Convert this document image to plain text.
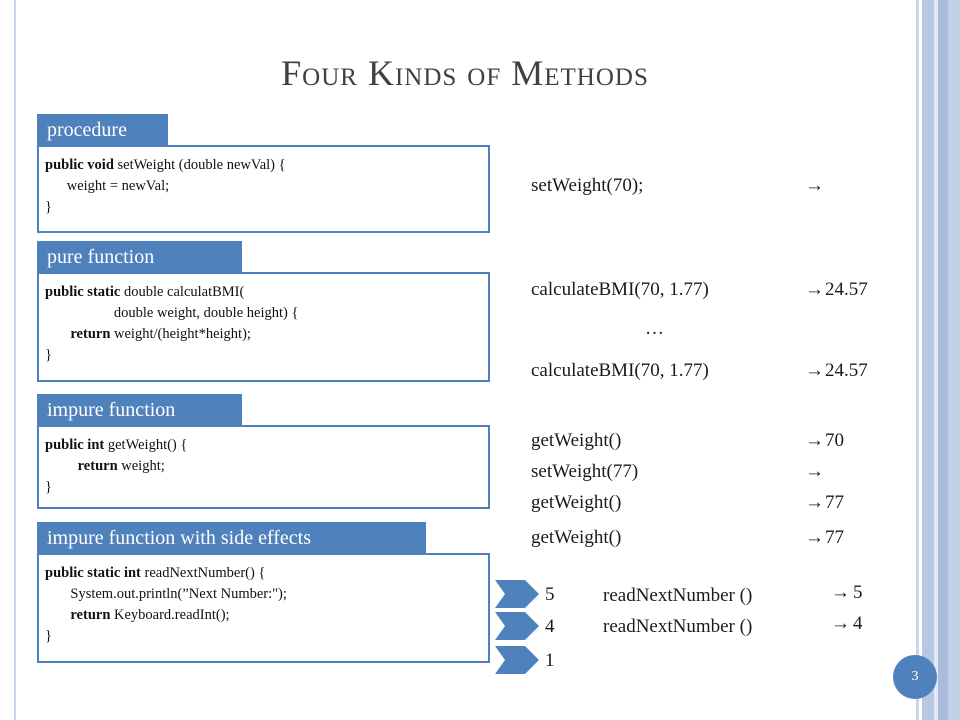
Four Kinds of Methods
procedure
public void setWeight (double newVal) {
weight = newVal;
}
pure function
public static double calculatBMI(
double weight, double height) {
return weight/(height*height);
}
impure function
public int getWeight() {
return weight;
}
impure function with side effects
public static int readNextNumber() {
System.out.println(”Next Number:");
return Keyboard.readInt();
}
setWeight(70);	→
calculateBMI(70, 1.77)	→ 24.57
…
calculateBMI(70, 1.77)	→ 24.57
getWeight()	→ 70
setWeight(77)	→
getWeight()	→ 77
getWeight()	→ 77
5
4
1
readNextNumber ()	→ 5
readNextNumber ()	→ 4
3
